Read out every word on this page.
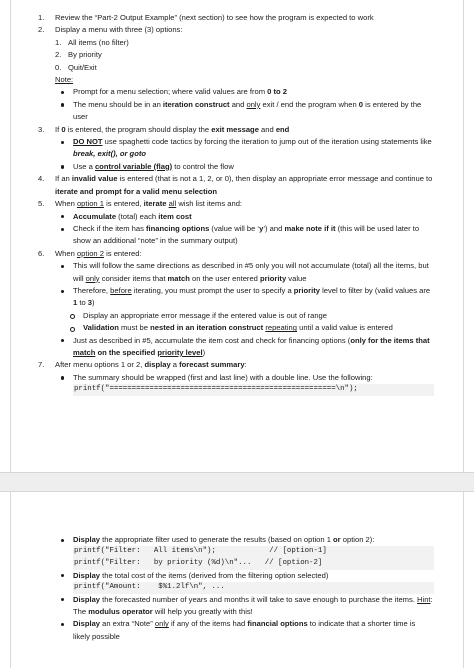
1.	Review the “Part-2 Output Example” (next section) to see how the program is expected to work
2.	Display a menu with three (3) options:
1. All items (no filter)
2. By priority
0. Quit/Exit
Note:
Prompt for a menu selection; where valid values are from 0 to 2
The menu should be in an iteration construct and only exit / end the program when 0 is entered by the user
3.	If 0 is entered, the program should display the exit message and end
DO NOT use spaghetti code tactics by forcing the iteration to jump out of the iteration using statements like break, exit(), or goto
Use a control variable (flag) to control the flow
4.	If an invalid value is entered (that is not a 1, 2, or 0), then display an appropriate error message and continue to iterate and prompt for a valid menu selection
5.	When option 1 is entered, iterate all wish list items and:
Accumulate (total) each item cost
Check if the item has financing options (value will be ‘y’) and make note if it (this will be used later to show an additional “note” in the summary output)
6.	When option 2 is entered:
This will follow the same directions as described in #5 only you will not accumulate (total) all the items, but will only consider items that match on the user entered priority value
Therefore, before iterating, you must prompt the user to specify a priority level to filter by (valid values are 1 to 3)
Display an appropriate error message if the entered value is out of range
Validation must be nested in an iteration construct repeating until a valid value is entered
Just as described in #5, accumulate the item cost and check for financing options (only for the items that match on the specified priority level)
7.	After menu options 1 or 2, display a forecast summary:
The summary should be wrapped (first and last line) with a double line. Use the following:
printf("===================================================\n");
Display the appropriate filter used to generate the results (based on option 1 or option 2):
printf("Filter:   All items\n");            // [option-1]
printf("Filter:   by priority (%d)\n"...   // [option-2]
Display the total cost of the items (derived from the filtering option selected)
printf("Amount:    $%1.2lf\n", ...
Display the forecasted number of years and months it will take to save enough to purchase the items. Hint: The modulus operator will help you greatly with this!
Display an extra “Note” only if any of the items had financial options to indicate that a shorter time is likely possible
